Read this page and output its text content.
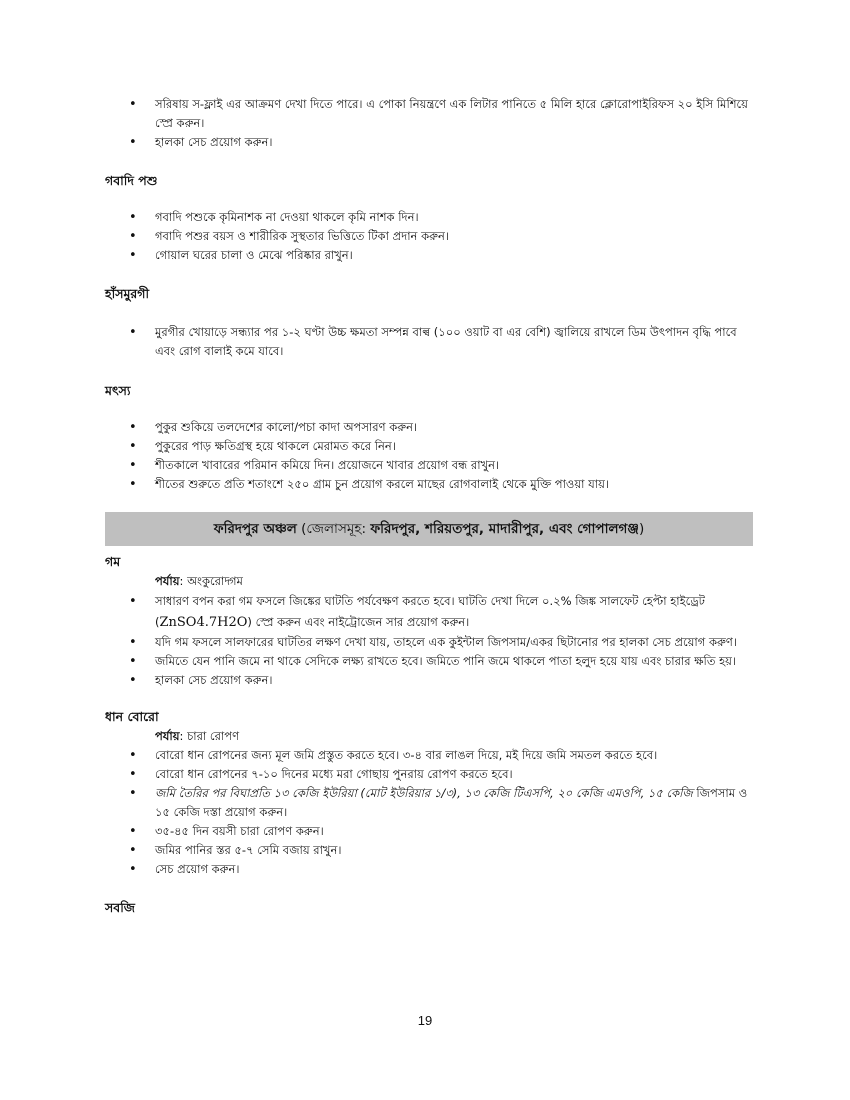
• সরিষায় স-ফ্লাই এর আক্রমণ দেখা দিতে পারে। এ পোকা নিয়ন্ত্রণে এক লিটার পানিতে ৫ মিলি হারে ক্লোরোপাইরিফস ২০ ইসি মিশিয়ে স্প্রে করুন।
• হালকা সেচ প্রয়োগ করুন।
গবাদি পশু
• গবাদি পশুকে কৃমিনাশক না দেওয়া থাকলে কৃমি নাশক দিন।
• গবাদি পশুর বয়স ও শারীরিক সুস্থতার ভিত্তিতে টিকা প্রদান করুন।
• গোয়াল ঘরের চালা ও মেঝে পরিষ্কার রাখুন।
হাঁসমুরগী
• মুরগীর খোয়াড়ে সন্ধ্যার পর ১-২ ঘণ্টা উচ্চ ক্ষমতা সম্পন্ন বাল্ব (১০০ ওয়াট বা এর বেশি) জ্বালিয়ে রাখলে ডিম উৎপাদন বৃদ্ধি পাবে এবং রোগ বালাই কমে যাবে।
মৎস্য
• পুকুর শুকিয়ে তলদেশের কালো/পচা কাদা অপসারণ করুন।
• পুকুরের পাড় ক্ষতিগ্রস্থ হয়ে থাকলে মেরামত করে নিন।
• শীতকালে খাবারের পরিমান কমিয়ে দিন। প্রয়োজনে খাবার প্রয়োগ বন্ধ রাখুন।
• শীতের শুরুতে প্রতি শতাংশে ২৫০ গ্রাম চুন প্রয়োগ করলে মাছের রোগবালাই থেকে মুক্তি পাওয়া যায়।
ফরিদপুর অঞ্চল (জেলাসমূহ: ফরিদপুর, শরিয়তপুর, মাদারীপুর, এবং গোপালগঞ্জ)
গম
পর্যায়: অংকুরোদ্গম
• সাধারণ বপন করা গম ফসলে জিঙ্কের ঘাটতি পর্যবেক্ষণ করতে হবে। ঘাটতি দেখা দিলে ০.২% জিঙ্ক সালফেট হেপ্টা হাইড্রেট (ZnSO4.7H2O) স্প্রে করুন এবং নাইট্রোজেন সার প্রয়োগ করুন।
• যদি গম ফসলে সালফারের ঘাটতির লক্ষণ দেখা যায়, তাহলে এক কুইন্টাল জিপসাম/একর ছিটানোর পর হালকা সেচ প্রয়োগ করুণ।
• জমিতে যেন পানি জমে না থাকে সেদিকে লক্ষ্য রাখতে হবে। জমিতে পানি জমে থাকলে পাতা হলুদ হয়ে যায় এবং চারার ক্ষতি হয়।
• হালকা সেচ প্রয়োগ করুন।
ধান বোরো
পর্যায়: চারা রোপণ
• বোরো ধান রোপনের জন্য মূল জমি প্রস্তুত করতে হবে। ৩-৪ বার লাঙল দিয়ে, মই দিয়ে জমি সমতল করতে হবে।
• বোরো ধান রোপনের ৭-১০ দিনের মধ্যে মরা গোছায় পুনরায় রোপণ করতে হবে।
• জমি তৈরির পর বিঘাপ্রতি ১৩ কেজি ইউরিয়া (মোট ইউরিয়ার ১/৩), ১৩ কেজি টিএসপি, ২০ কেজি এমওপি, ১৫ কেজি জিপসাম ও ১৫ কেজি দস্তা প্রয়োগ করুন।
• ৩৫-৪৫ দিন বয়সী চারা রোপণ করুন।
• জমির পানির স্তর ৫-৭ সেমি বজায় রাখুন।
• সেচ প্রয়োগ করুন।
সবজি
19
